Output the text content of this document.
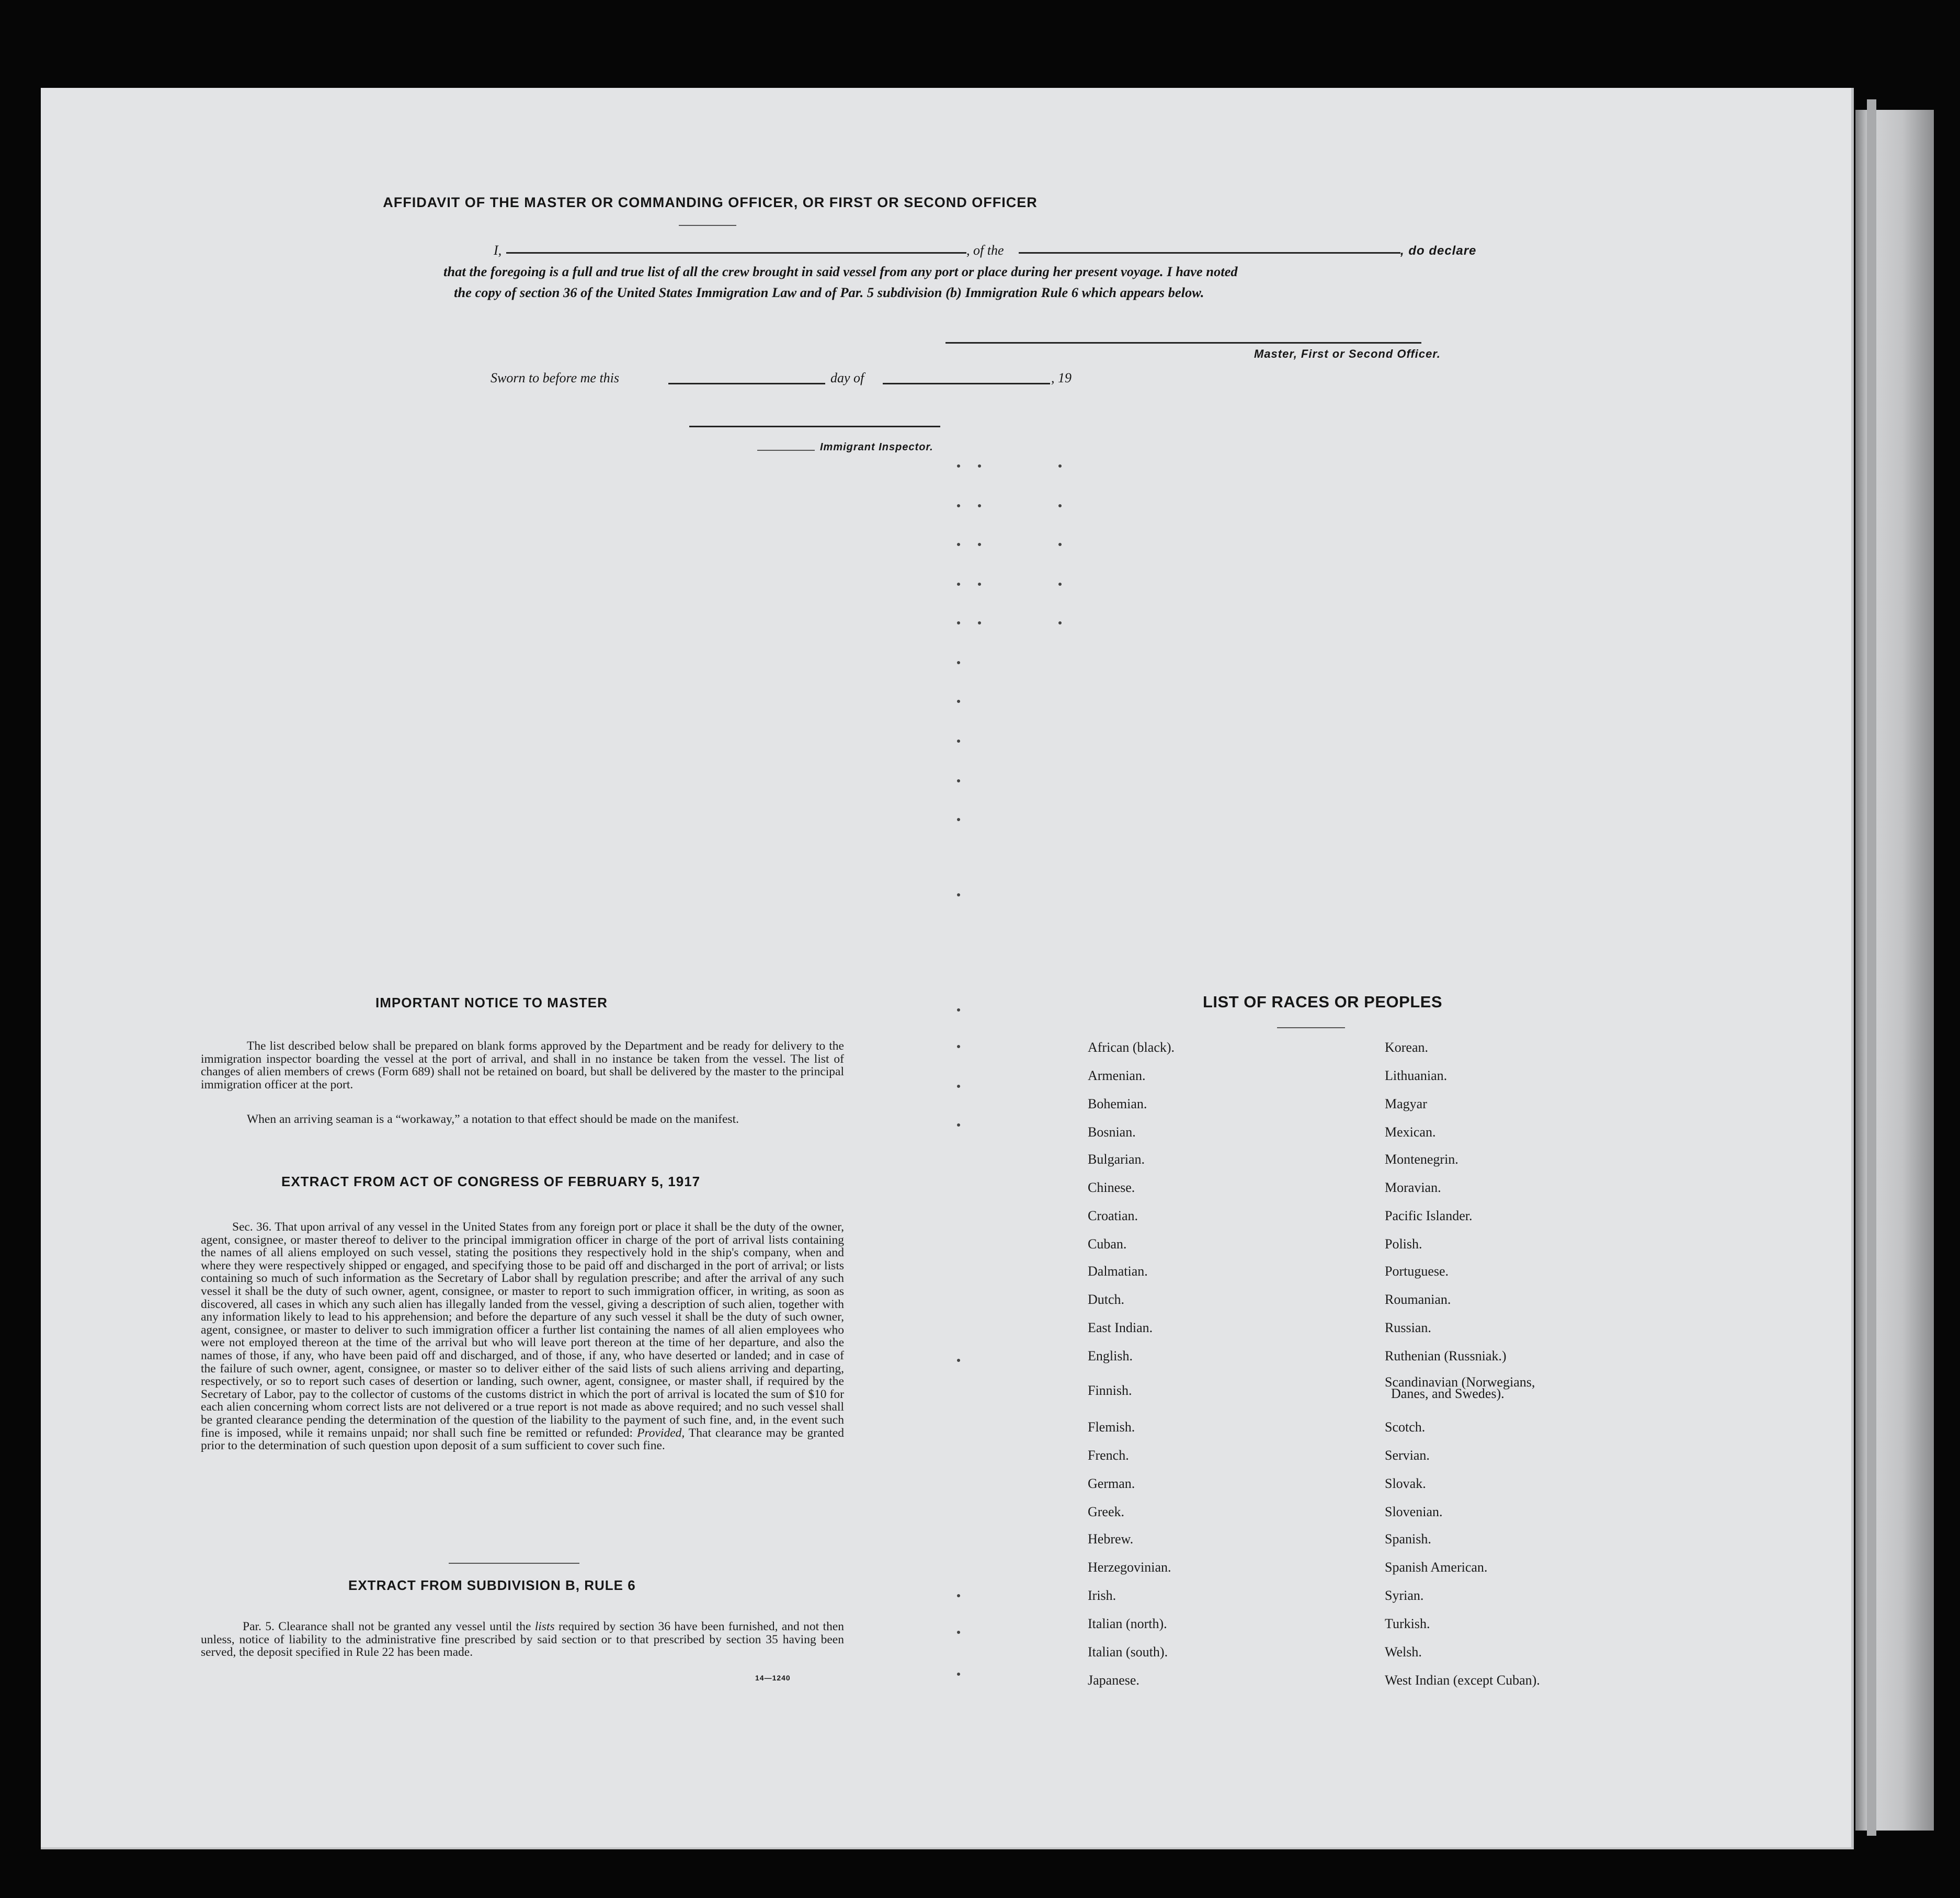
AFFIDAVIT OF THE MASTER OR COMMANDING OFFICER, OR FIRST OR SECOND OFFICER
I,	, of the	, do declare
that the foregoing is a full and true list of all the crew brought in said vessel from any port or place during her present voyage. I have noted
the copy of section 36 of the United States Immigration Law and of Par. 5 subdivision (b) Immigration Rule 6 which appears below.
Master, First or Second Officer.
Sworn to before me this	day of	, 19
Immigrant Inspector.
IMPORTANT NOTICE TO MASTER
The list described below shall be prepared on blank forms approved by the Department and be ready for delivery to the immigration inspector boarding the vessel at the port of arrival, and shall in no instance be taken from the vessel. The list of changes of alien members of crews (Form 689) shall not be retained on board, but shall be delivered by the master to the principal immigration officer at the port.
When an arriving seaman is a “workaway,” a notation to that effect should be made on the manifest.
EXTRACT FROM ACT OF CONGRESS OF FEBRUARY 5, 1917
Sec. 36. That upon arrival of any vessel in the United States from any foreign port or place it shall be the duty of the owner, agent, consignee, or master thereof to deliver to the principal immigration officer in charge of the port of arrival lists containing the names of all aliens employed on such vessel, stating the positions they respectively hold in the ship's company, when and where they were respectively shipped or engaged, and specifying those to be paid off and discharged in the port of arrival; or lists containing so much of such information as the Secretary of Labor shall by regulation prescribe; and after the arrival of any such vessel it shall be the duty of such owner, agent, consignee, or master to report to such immigration officer, in writing, as soon as discovered, all cases in which any such alien has illegally landed from the vessel, giving a description of such alien, together with any information likely to lead to his apprehension; and before the departure of any such vessel it shall be the duty of such owner, agent, consignee, or master to deliver to such immigration officer a further list containing the names of all alien employees who were not employed thereon at the time of the arrival but who will leave port thereon at the time of her departure, and also the names of those, if any, who have been paid off and discharged, and of those, if any, who have deserted or landed; and in case of the failure of such owner, agent, consignee, or master so to deliver either of the said lists of such aliens arriving and departing, respectively, or so to report such cases of desertion or landing, such owner, agent, consignee, or master shall, if required by the Secretary of Labor, pay to the collector of customs of the customs district in which the port of arrival is located the sum of $10 for each alien concerning whom correct lists are not delivered or a true report is not made as above required; and no such vessel shall be granted clearance pending the determination of the question of the liability to the payment of such fine, and, in the event such fine is imposed, while it remains unpaid; nor shall such fine be remitted or refunded: Provided, That clearance may be granted prior to the determination of such question upon deposit of a sum sufficient to cover such fine.
EXTRACT FROM SUBDIVISION B, RULE 6
Par. 5. Clearance shall not be granted any vessel until the lists required by section 36 have been furnished, and not then unless, notice of liability to the administrative fine prescribed by said section or to that prescribed by section 35 having been served, the deposit specified in Rule 22 has been made.
14—1240
LIST OF RACES OR PEOPLES
African (black).
Armenian.
Bohemian.
Bosnian.
Bulgarian.
Chinese.
Croatian.
Cuban.
Dalmatian.
Dutch.
East Indian.
English.
Finnish.
Flemish.
French.
German.
Greek.
Hebrew.
Herzegovinian.
Irish.
Italian (north).
Italian (south).
Japanese.
Korean.
Lithuanian.
Magyar
Mexican.
Montenegrin.
Moravian.
Pacific Islander.
Polish.
Portuguese.
Roumanian.
Russian.
Ruthenian (Russniak.)
Scandinavian (Norwegians,
Scotch.
Servian.
Slovak.
Slovenian.
Spanish.
Spanish American.
Syrian.
Turkish.
Welsh.
West Indian (except Cuban).
Danes, and Swedes).
